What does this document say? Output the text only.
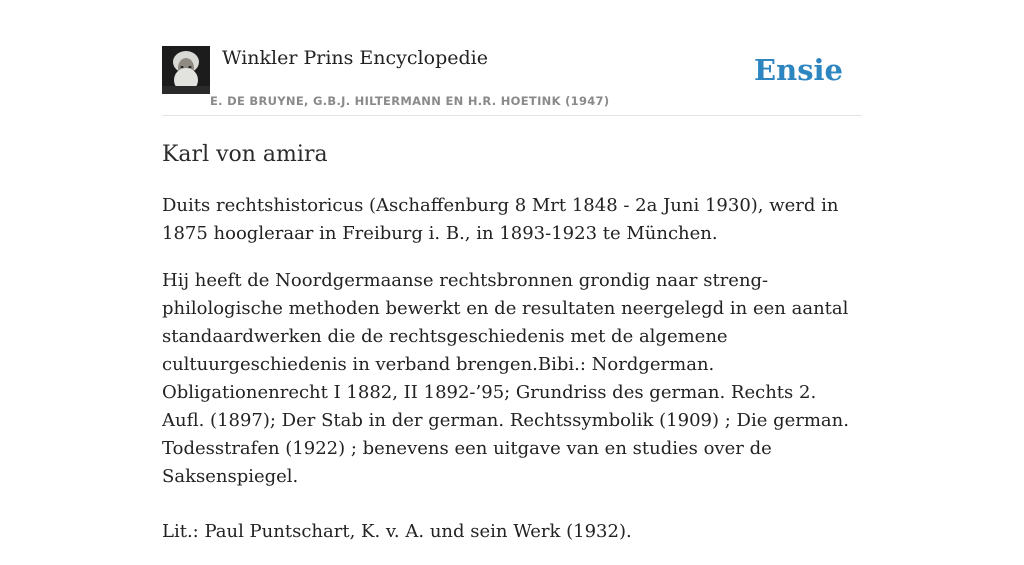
Winkler Prins Encyclopedie
E. DE BRUYNE, G.B.J. HILTERMANN EN H.R. HOETINK (1947)
Ensie
Karl von amira

Duits rechtshistoricus (Aschaffenburg 8 Mrt 1848 - 2a Juni 1930), werd in 1875 hoogleraar in Freiburg i. B., in 1893-1923 te München.

Hij heeft de Noordgermaanse rechtsbronnen grondig naar streng-philologische methoden bewerkt en de resultaten neergelegd in een aantal standaardwerken die de rechtsgeschiedenis met de algemene cultuurgeschiedenis in verband brengen.Bibi.: Nordgerman. Obligationenrecht I 1882, II 1892-’95; Grundriss des german. Rechts 2. Aufl. (1897); Der Stab in der german. Rechtssymbolik (1909) ; Die german. Todesstrafen (1922) ; benevens een uitgave van en studies over de Saksenspiegel.

Lit.: Paul Puntschart, K. v. A. und sein Werk (1932).
